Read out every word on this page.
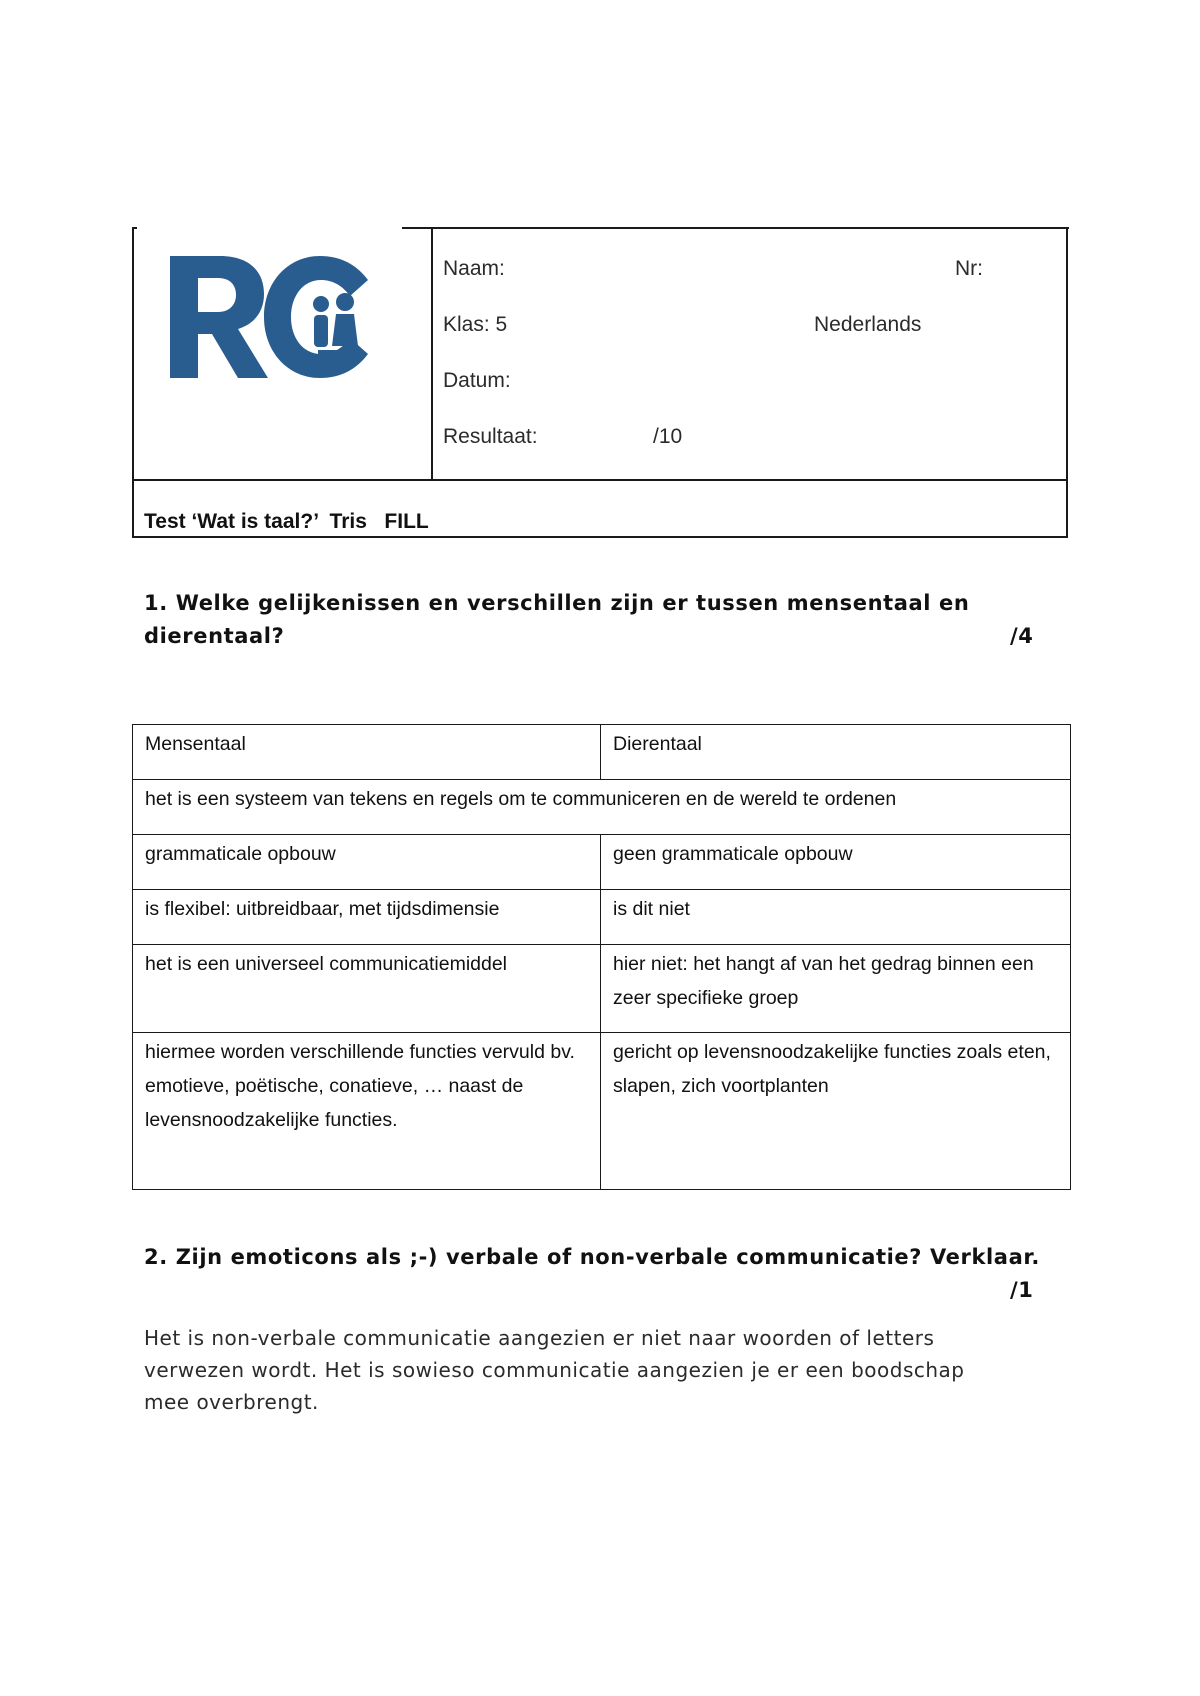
Naam:	Nr:
Klas: 5	Nederlands
Datum:
Resultaat:	/10
Test ‘Wat is taal?’  Tris   FILL
1. Welke gelijkenissen en verschillen zijn er tussen mensentaal en
dierentaal?	/4
Mensentaal	Dierentaal
het is een systeem van tekens en regels om te communiceren en de wereld te ordenen	
grammaticale opbouw	geen grammaticale opbouw
is flexibel: uitbreidbaar, met tijdsdimensie	is dit niet
het is een universeel communicatiemiddel	hier niet: het hangt af van het gedrag binnen een zeer specifieke groep
hiermee worden verschillende functies vervuld bv. emotieve, poëtische, conatieve, … naast de levensnoodzakelijke functies.	gericht op levensnoodzakelijke functies zoals eten, slapen, zich voortplanten
2. Zijn emoticons als ;-) verbale of non-verbale communicatie? Verklaar.
/1
Het is non-verbale communicatie aangezien er niet naar woorden of letters
verwezen wordt. Het is sowieso communicatie aangezien je er een boodschap
mee overbrengt.
